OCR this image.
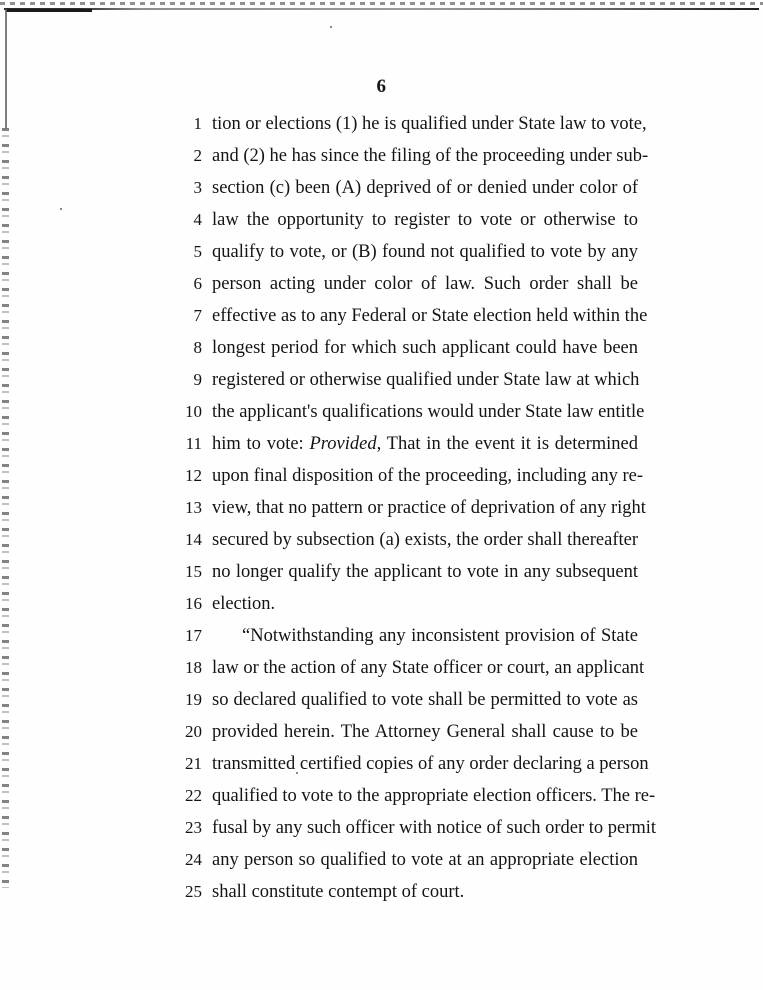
6
1 tion or elections (1) he is qualified under State law to vote,
2 and (2) he has since the filing of the proceeding under sub-
3 section (c) been (A) deprived of or denied under color of
4 law the opportunity to register to vote or otherwise to
5 qualify to vote, or (B) found not qualified to vote by any
6 person acting under color of law. Such order shall be
7 effective as to any Federal or State election held within the
8 longest period for which such applicant could have been
9 registered or otherwise qualified under State law at which
10 the applicant's qualifications would under State law entitle
11 him to vote: Provided, That in the event it is determined
12 upon final disposition of the proceeding, including any re-
13 view, that no pattern or practice of deprivation of any right
14 secured by subsection (a) exists, the order shall thereafter
15 no longer qualify the applicant to vote in any subsequent
16 election.
17	“Notwithstanding any inconsistent provision of State
18 law or the action of any State officer or court, an applicant
19 so declared qualified to vote shall be permitted to vote as
20 provided herein. The Attorney General shall cause to be
21 transmitted certified copies of any order declaring a person
22 qualified to vote to the appropriate election officers. The re-
23 fusal by any such officer with notice of such order to permit
24 any person so qualified to vote at an appropriate election
25 shall constitute contempt of court.
